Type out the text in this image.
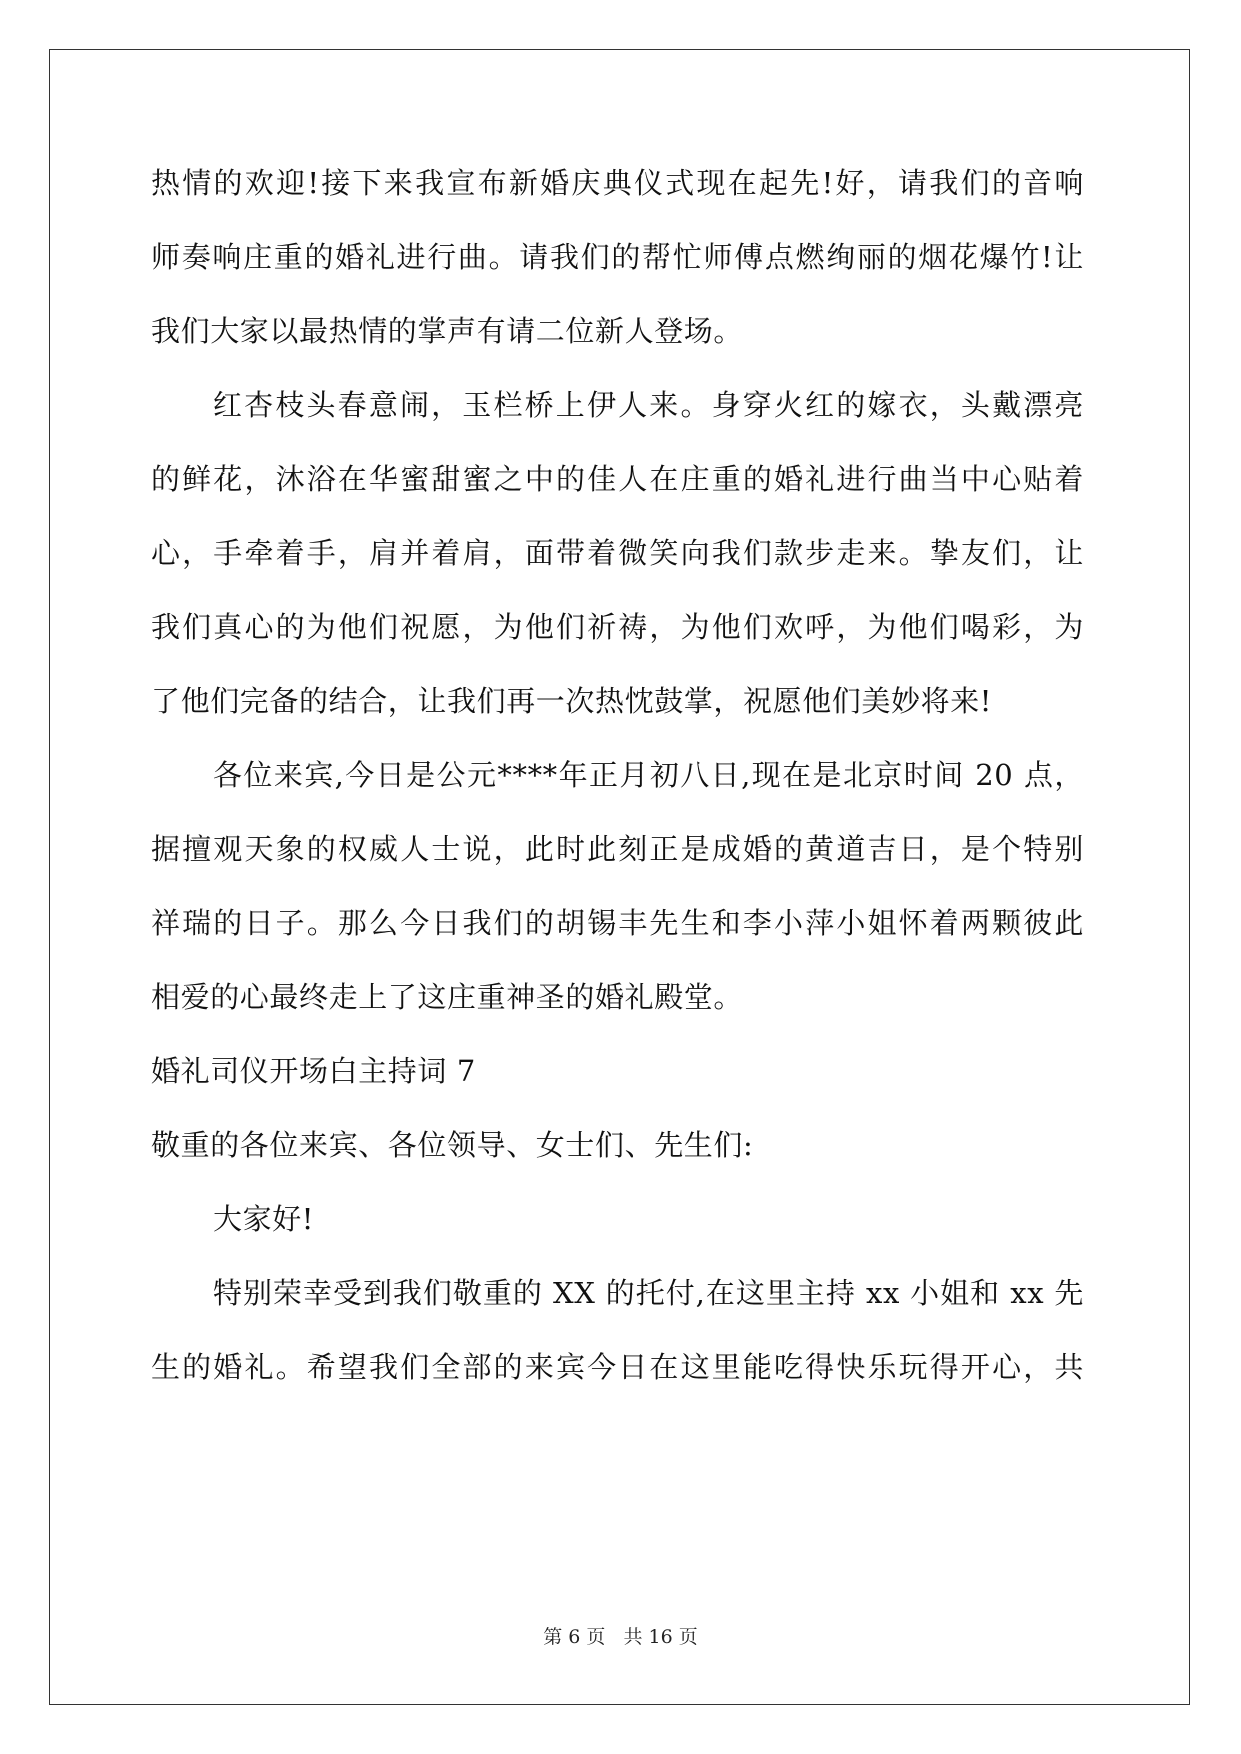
热情的欢迎!接下来我宣布新婚庆典仪式现在起先!好，请我们的音响
师奏响庄重的婚礼进行曲。请我们的帮忙师傅点燃绚丽的烟花爆竹!让
我们大家以最热情的掌声有请二位新人登场。
红杏枝头春意闹，玉栏桥上伊人来。身穿火红的嫁衣，头戴漂亮
的鲜花，沐浴在华蜜甜蜜之中的佳人在庄重的婚礼进行曲当中心贴着
心，手牵着手，肩并着肩，面带着微笑向我们款步走来。挚友们，让
我们真心的为他们祝愿，为他们祈祷，为他们欢呼，为他们喝彩，为
了他们完备的结合，让我们再一次热忱鼓掌，祝愿他们美妙将来!
各位来宾,今日是公元****年正月初八日,现在是北京时间 20 点，
据擅观天象的权威人士说，此时此刻正是成婚的黄道吉日，是个特别
祥瑞的日子。那么今日我们的胡锡丰先生和李小萍小姐怀着两颗彼此
相爱的心最终走上了这庄重神圣的婚礼殿堂。
婚礼司仪开场白主持词 7
敬重的各位来宾、各位领导、女士们、先生们:
大家好!
特别荣幸受到我们敬重的 XX 的托付,在这里主持 xx 小姐和 xx 先
生的婚礼。希望我们全部的来宾今日在这里能吃得快乐玩得开心，共
第 6 页 共 16 页
